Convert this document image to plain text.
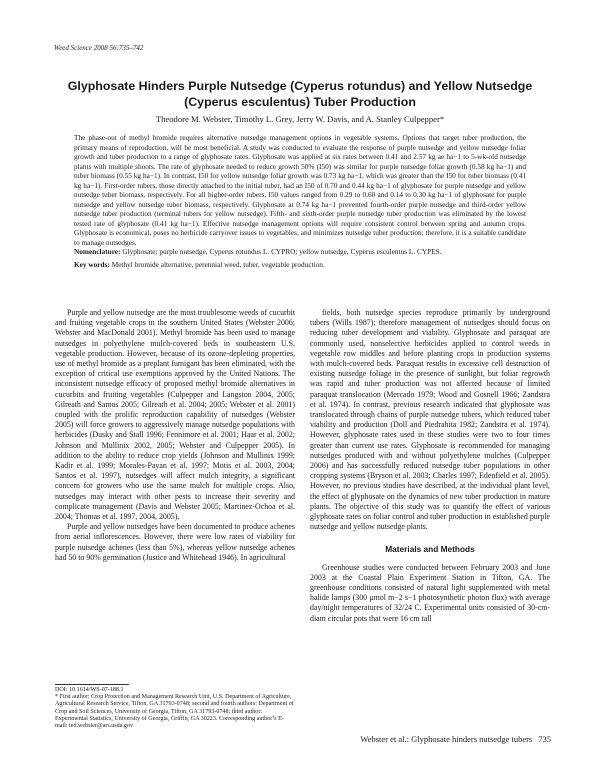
Weed Science 2008 56:735–742
Glyphosate Hinders Purple Nutsedge (Cyperus rotundus) and Yellow Nutsedge
(Cyperus esculentus) Tuber Production
Theodore M. Webster, Timothy L. Grey, Jerry W. Davis, and A. Stanley Culpepper*

The phase-out of methyl bromide requires alternative nutsedge management options in vegetable systems. Options that target tuber production, the primary means of reproduction, will be most beneficial. A study was conducted to evaluate the response of purple nutsedge and yellow nutsedge foliar growth and tuber production to a range of glyphosate rates. Glyphosate was applied at six rates between 0.41 and 2.57 kg ae ha−1 to 5-wk-old nutsedge plants with multiple shoots. The rate of glyphosate needed to reduce growth 50% (I50) was similar for purple nutsedge foliar growth (0.58 kg ha−1) and tuber biomass (0.55 kg ha−1). In contrast, I50 for yellow nutsedge foliar growth was 0.73 kg ha−1, which was greater than the I50 for tuber biomass (0.41 kg ha−1). First-order tubers, those directly attached to the initial tuber, had an I50 of 0.70 and 0.44 kg ha−1 of glyphosate for purple nutsedge and yellow nutsedge tuber biomass, respectively. For all higher-order tubers, I50 values ranged from 0.29 to 0.60 and 0.14 to 0.30 kg ha−1 of glyphosate for purple nutsedge and yellow nutsedge tuber biomass, respectively. Glyphosate at 0.74 kg ha−1 prevented fourth-order purple nutsedge and third-order yellow nutsedge tuber production (terminal tubers for yellow nutsedge). Fifth- and sixth-order purple nutsedge tuber production was eliminated by the lowest tested rate of glyphosate (0.41 kg ha−1). Effective nutsedge management options will require consistent control between spring and autumn crops. Glyphosate is economical, poses no herbicide carryover issues to vegetables, and minimizes nutsedge tuber production; therefore, it is a suitable candidate to manage nutsedges.

Nomenclature: Glyphosate; purple nutsedge, Cyperus rotundus L. CYPRO; yellow nutsedge, Cyperus esculentus L. CYPES.

Key words: Methyl bromide alternative, perennial weed, tuber, vegetable production.

Purple and yellow nutsedge are the most troublesome weeds of cucurbit and fruiting vegetable crops in the southern United States (Webster 2006; Webster and MacDonald 2001). Methyl bromide has been used to manage nutsedges in polyethylene mulch-covered beds in southeastern U.S. vegetable production. However, because of its ozone-depleting properties, use of methyl bromide as a preplant fumigant has been eliminated, with the exception of critical use exemptions approved by the United Nations. The inconsistent nutsedge efficacy of proposed methyl bromide alternatives in cucurbits and fruiting vegetables (Culpepper and Langston 2004, 2005; Gilreath and Santos 2005; Gilreath et al. 2004; 2005; Webster et al. 2001) coupled with the prolific reproduction capability of nutsedges (Webster 2005) will force growers to aggressively manage nutsedge populations with herbicides (Dusky and Stall 1996; Fennimore et al. 2001; Haar et al. 2002; Johnson and Mullinix 2002, 2005; Webster and Culpepper 2005). In addition to the ability to reduce crop yields (Johnson and Mullinix 1999; Kadir et al. 1999; Morales-Payan et al. 1997; Motis et al. 2003, 2004; Santos et al. 1997), nutsedges will affect mulch integrity, a significant concern for growers who use the same mulch for multiple crops. Also, nutsedges may interact with other pests to increase their severity and complicate management (Davis and Webster 2005; Martinez-Ochoa et al. 2004; Thomas et al. 1997, 2004, 2005).

Purple and yellow nutsedges have been documented to produce achenes from aerial inflorescences. However, there were low rates of viability for purple nutsedge achenes (less than 5%), whereas yellow nutsedge achenes had 50 to 90% germination (Justice and Whitehead 1946). In agricultural

DOI: 10.1614/WS-07-188.1

* First author: Crop Protection and Management Research Unit, U.S. Department of Agriculture, Agricultural Research Service, Tifton, GA 31793-0748; second and fourth authors: Department of Crop and Soil Sciences, University of Georgia, Tifton, GA 31793-0748; third author: Experimental Statistics, University of Georgia, Griffin, GA 30223. Corresponding author’s E-mail: ted.webster@ars.usda.gov

fields, both nutsedge species reproduce primarily by underground tubers (Wills 1987); therefore management of nutsedges should focus on reducing tuber development and viability. Glyphosate and paraquat are commonly used, nonselective herbicides applied to control weeds in vegetable row middles and before planting crops in production systems with mulch-covered beds. Paraquat results in excessive cell destruction of existing nutsedge foliage in the presence of sunlight, but foliar regrowth was rapid and tuber production was not affected because of limited paraquat translocation (Mercado 1979; Wood and Gosnell 1966; Zandstra et al. 1974). In contrast, previous research indicated that glyphosate was translocated through chains of purple nutsedge tubers, which reduced tuber viability and production (Doll and Piedrahita 1982; Zandstra et al. 1974). However, glyphosate rates used in these studies were two to four times greater than current use rates. Glyphosate is recommended for managing nutsedges produced with and without polyethylene mulches (Culpepper 2006) and has successfully reduced nutsedge tuber populations in other cropping systems (Bryson et al. 2003; Charles 1997; Edenfield et al. 2005). However, no previous studies have described, at the individual plant level, the effect of glyphosate on the dynamics of new tuber production in mature plants. The objective of this study was to quantify the effect of various glyphosate rates on foliar control and tuber production in established purple nutsedge and yellow nutsedge plants.

Materials and Methods

Greenhouse studies were conducted between February 2003 and June 2003 at the Coastal Plain Experiment Station in Tifton, GA. The greenhouse conditions consisted of natural light supplemented with metal halide lamps (300 μmol m−2 s−1 photosynthetic photon flux) with average day/night temperatures of 32/24 C. Experimental units consisted of 30-cm-diam circular pots that were 16 cm tall

Webster et al.: Glyphosate hinders nutsedge tubers 735
